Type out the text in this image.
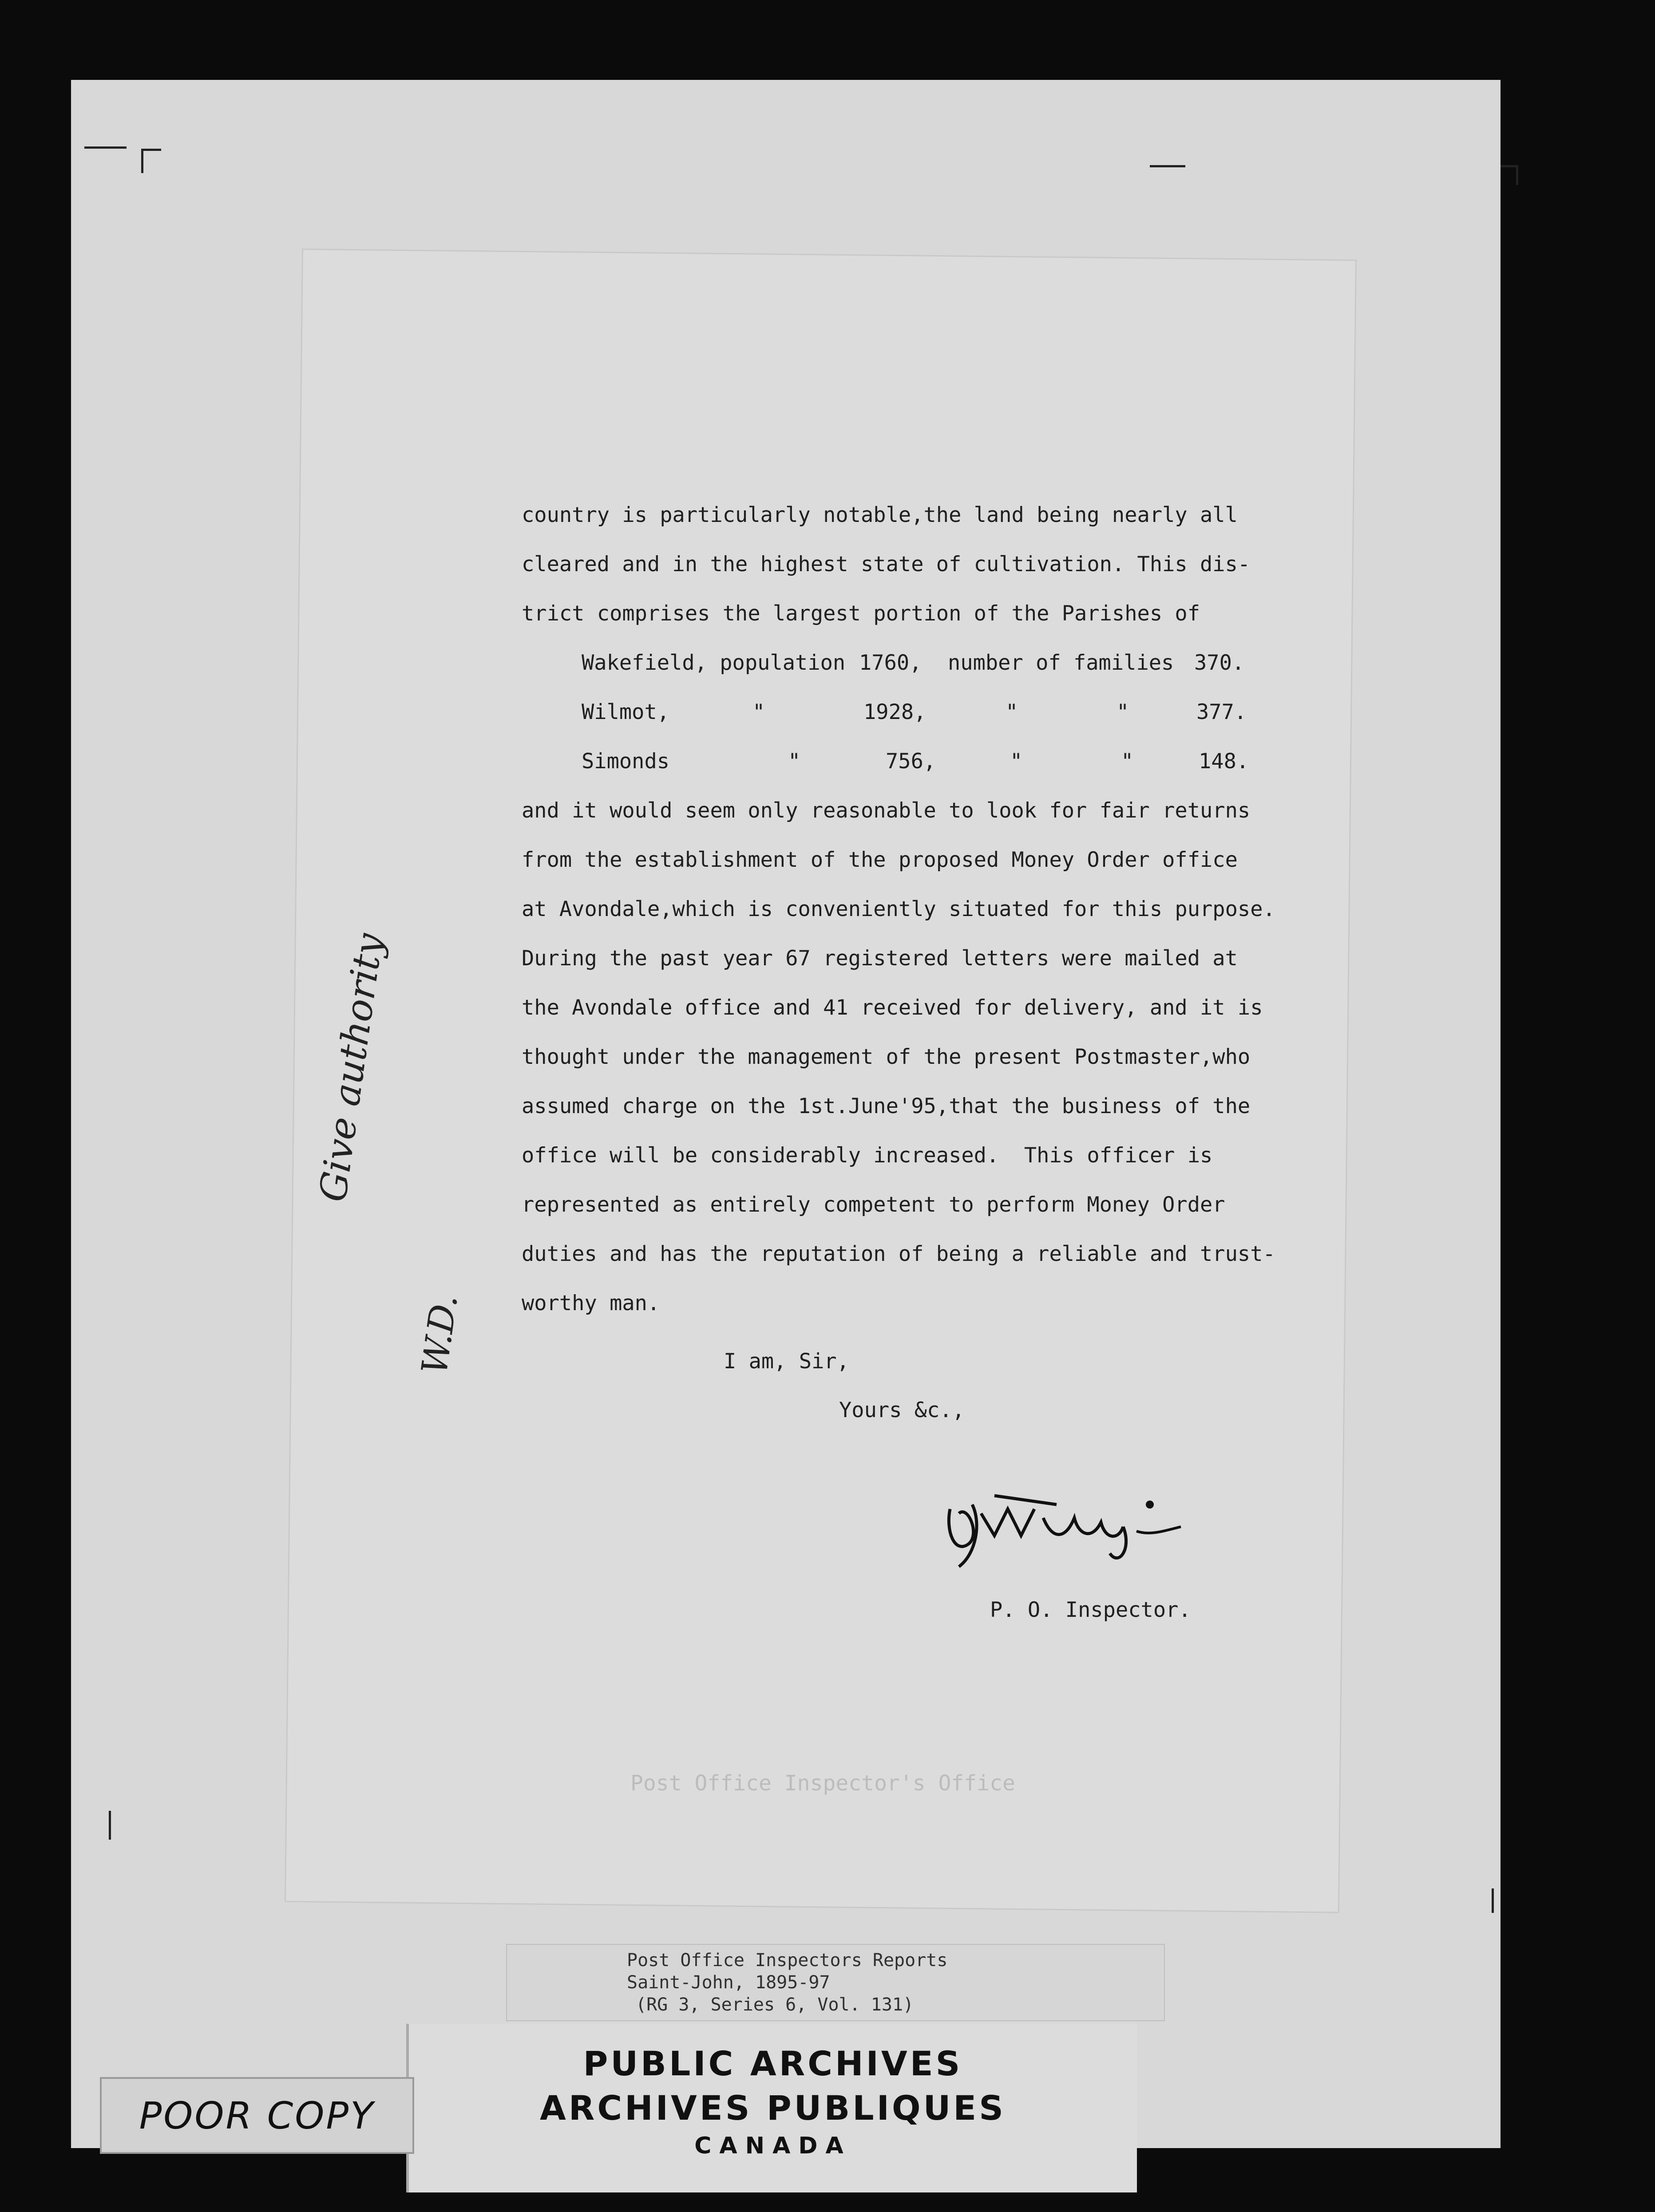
country is particularly notable,the land being nearly all
cleared and in the highest state of cultivation. This dis-
trict comprises the largest portion of the Parishes of
Wakefield, population 1760, number of families 370.
Wilmot,	"	1928,	"	"	377.
Simonds	"	756,	"	"	148.
and it would seem only reasonable to look for fair returns
from the establishment of the proposed Money Order office
at Avondale,which is conveniently situated for this purpose.
During the past year 67 registered letters were mailed at
the Avondale office and 41 received for delivery, and it is
thought under the management of the present Postmaster,who
assumed charge on the 1st.June'95,that the business of the
office will be considerably increased.  This officer is
represented as entirely competent to perform Money Order
duties and has the reputation of being a reliable and trust-
worthy man.
I am, Sir,
Yours &c.,
P. O. Inspector.
Give authority
W.D.
Post Office Inspector's Office
Post Office Inspectors Reports
Saint-John, 1895-97
(RG 3, Series 6, Vol. 131)
PUBLIC ARCHIVES
ARCHIVES PUBLIQUES
CANADA
POOR COPY
